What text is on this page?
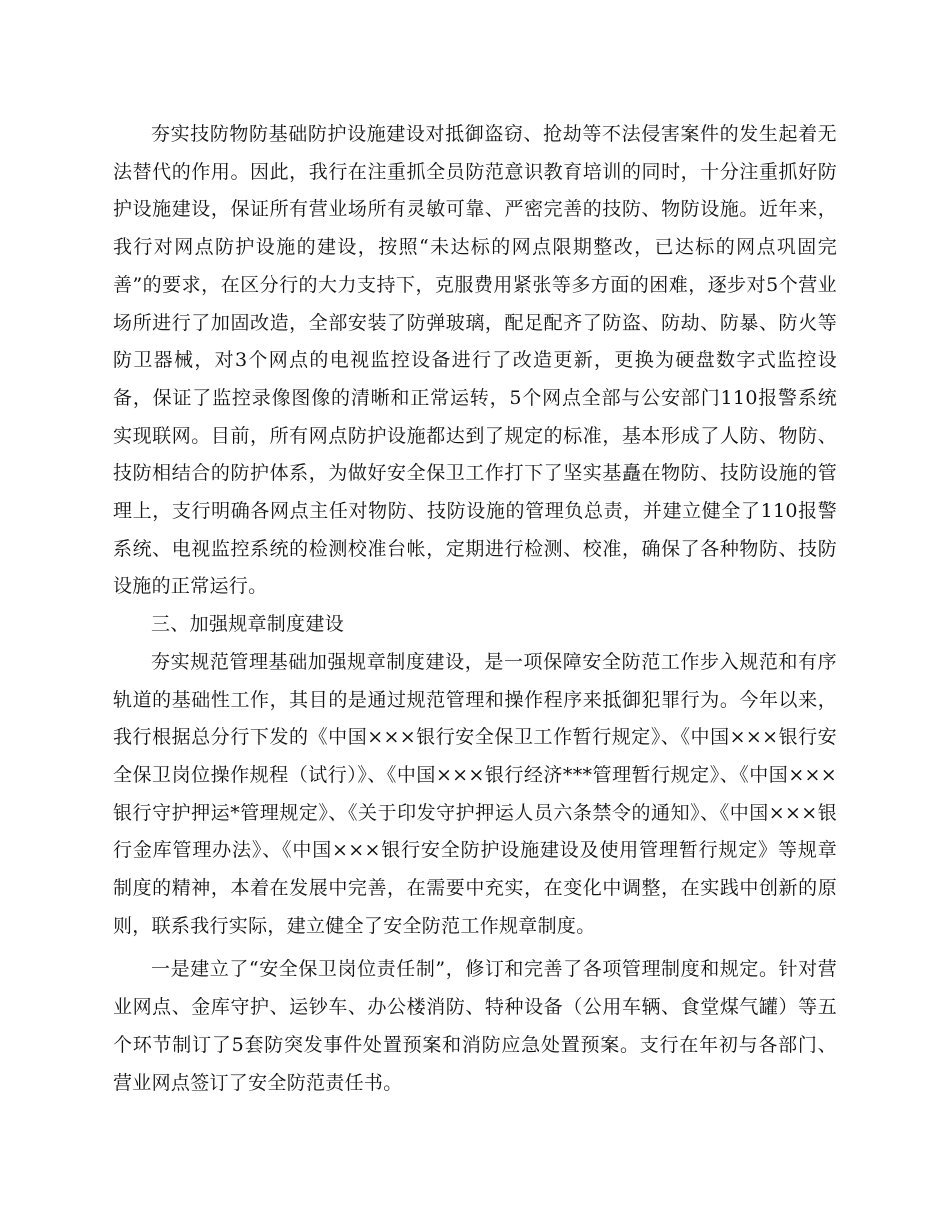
夯实技防物防基础防护设施建设对抵御盗窃、抢劫等不法侵害案件的发生起着无法替代的作用。因此，我行在注重抓全员防范意识教育培训的同时，十分注重抓好防护设施建设，保证所有营业场所有灵敏可靠、严密完善的技防、物防设施。近年来，我行对网点防护设施的建设，按照“未达标的网点限期整改，已达标的网点巩固完善”的要求，在区分行的大力支持下，克服费用紧张等多方面的困难，逐步对5个营业场所进行了加固改造，全部安装了防弹玻璃，配足配齐了防盗、防劫、防暴、防火等防卫器械，对3个网点的电视监控设备进行了改造更新，更换为硬盘数字式监控设备，保证了监控录像图像的清晰和正常运转，5个网点全部与公安部门110报警系统实现联网。目前，所有网点防护设施都达到了规定的标准，基本形成了人防、物防、技防相结合的防护体系，为做好安全保卫工作打下了坚实基矗在物防、技防设施的管理上，支行明确各网点主任对物防、技防设施的管理负总责，并建立健全了110报警系统、电视监控系统的检测校准台帐，定期进行检测、校准，确保了各种物防、技防设施的正常运行。

三、加强规章制度建设

夯实规范管理基础加强规章制度建设，是一项保障安全防范工作步入规范和有序轨道的基础性工作，其目的是通过规范管理和操作程序来抵御犯罪行为。今年以来，我行根据总分行下发的《中国×××银行安全保卫工作暂行规定》、《中国×××银行安全保卫岗位操作规程（试行）》、《中国×××银行经济***管理暂行规定》、《中国×××银行守护押运*管理规定》、《关于印发守护押运人员六条禁令的通知》、《中国×××银行金库管理办法》、《中国×××银行安全防护设施建设及使用管理暂行规定》等规章制度的精神，本着在发展中完善，在需要中充实，在变化中调整，在实践中创新的原则，联系我行实际，建立健全了安全防范工作规章制度。

一是建立了“安全保卫岗位责任制”，修订和完善了各项管理制度和规定。针对营业网点、金库守护、运钞车、办公楼消防、特种设备（公用车辆、食堂煤气罐）等五个环节制订了5套防突发事件处置预案和消防应急处置预案。支行在年初与各部门、营业网点签订了安全防范责任书。
